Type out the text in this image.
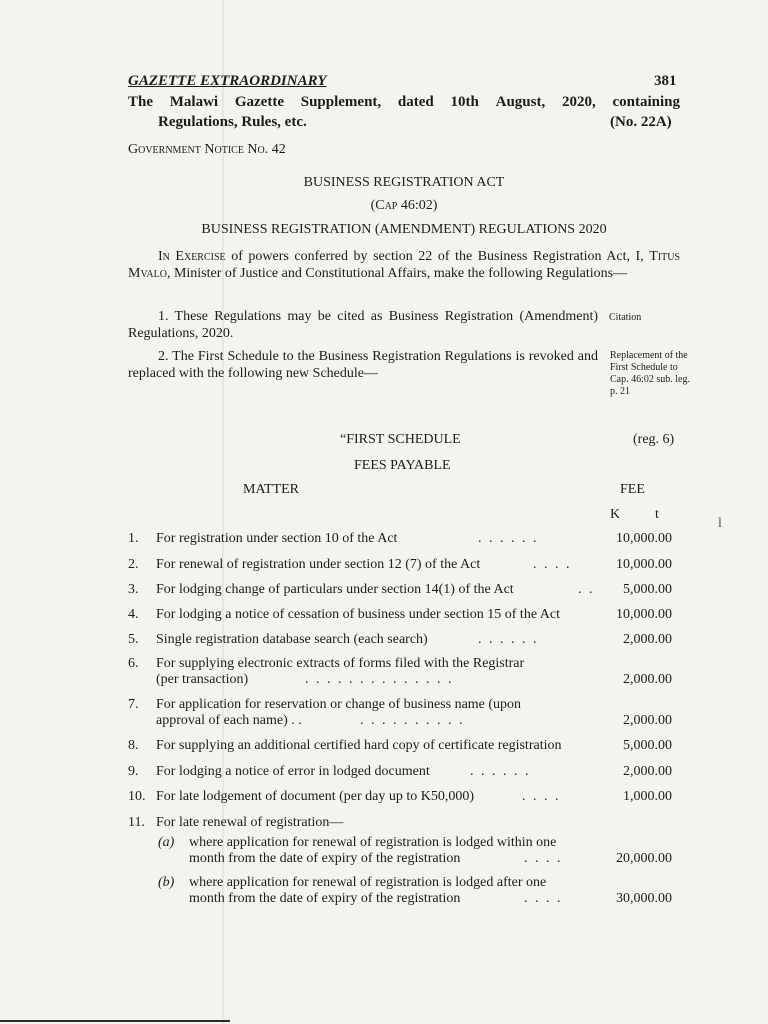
GAZETTE EXTRAORDINARY	381
The Malawi Gazette Supplement, dated 10th August, 2020, containing
Regulations, Rules, etc.	(No. 22A)
Government Notice No. 42
BUSINESS REGISTRATION ACT
(Cap 46:02)
BUSINESS REGISTRATION (AMENDMENT) REGULATIONS 2020
In Exercise of powers conferred by section 22 of the Business Registration Act, I, Titus Mvalo, Minister of Justice and Constitutional Affairs, make the following Regulations—
1. These Regulations may be cited as Business Registration (Amendment) Regulations, 2020.
Citation
2. The First Schedule to the Business Registration Regulations is revoked and replaced with the following new Schedule—
Replacement of the First Schedule to Cap. 46:02 sub. leg. p. 21
“FIRST SCHEDULE	(reg. 6)
FEES PAYABLE
MATTER	FEE
K t
1. For registration under section 10 of the Act	. . . . . .	10,000.00
2. For renewal of registration under section 12 (7) of the Act	. . . .	10,000.00
3. For lodging change of particulars under section 14(1) of the Act	. .	5,000.00
4. For lodging a notice of cessation of business under section 15 of the Act	10,000.00
5. Single registration database search (each search)	. . . . . .	2,000.00
6. For supplying electronic extracts of forms filed with the Registrar
(per transaction)	. . . . . . . . . . . . . .	2,000.00
7. For application for reservation or change of business name (upon
approval of each name) . .	. . . . . . . . . .	2,000.00
8. For supplying an additional certified hard copy of certificate registration	5,000.00
9. For lodging a notice of error in lodged document	. . . . . .	2,000.00
10. For late lodgement of document (per day up to K50,000)	. . . .	1,000.00
11. For late renewal of registration—
(a) where application for renewal of registration is lodged within one
month from the date of expiry of the registration	. . . .	20,000.00
(b) where application for renewal of registration is lodged after one
month from the date of expiry of the registration	. . . .	30,000.00
l
